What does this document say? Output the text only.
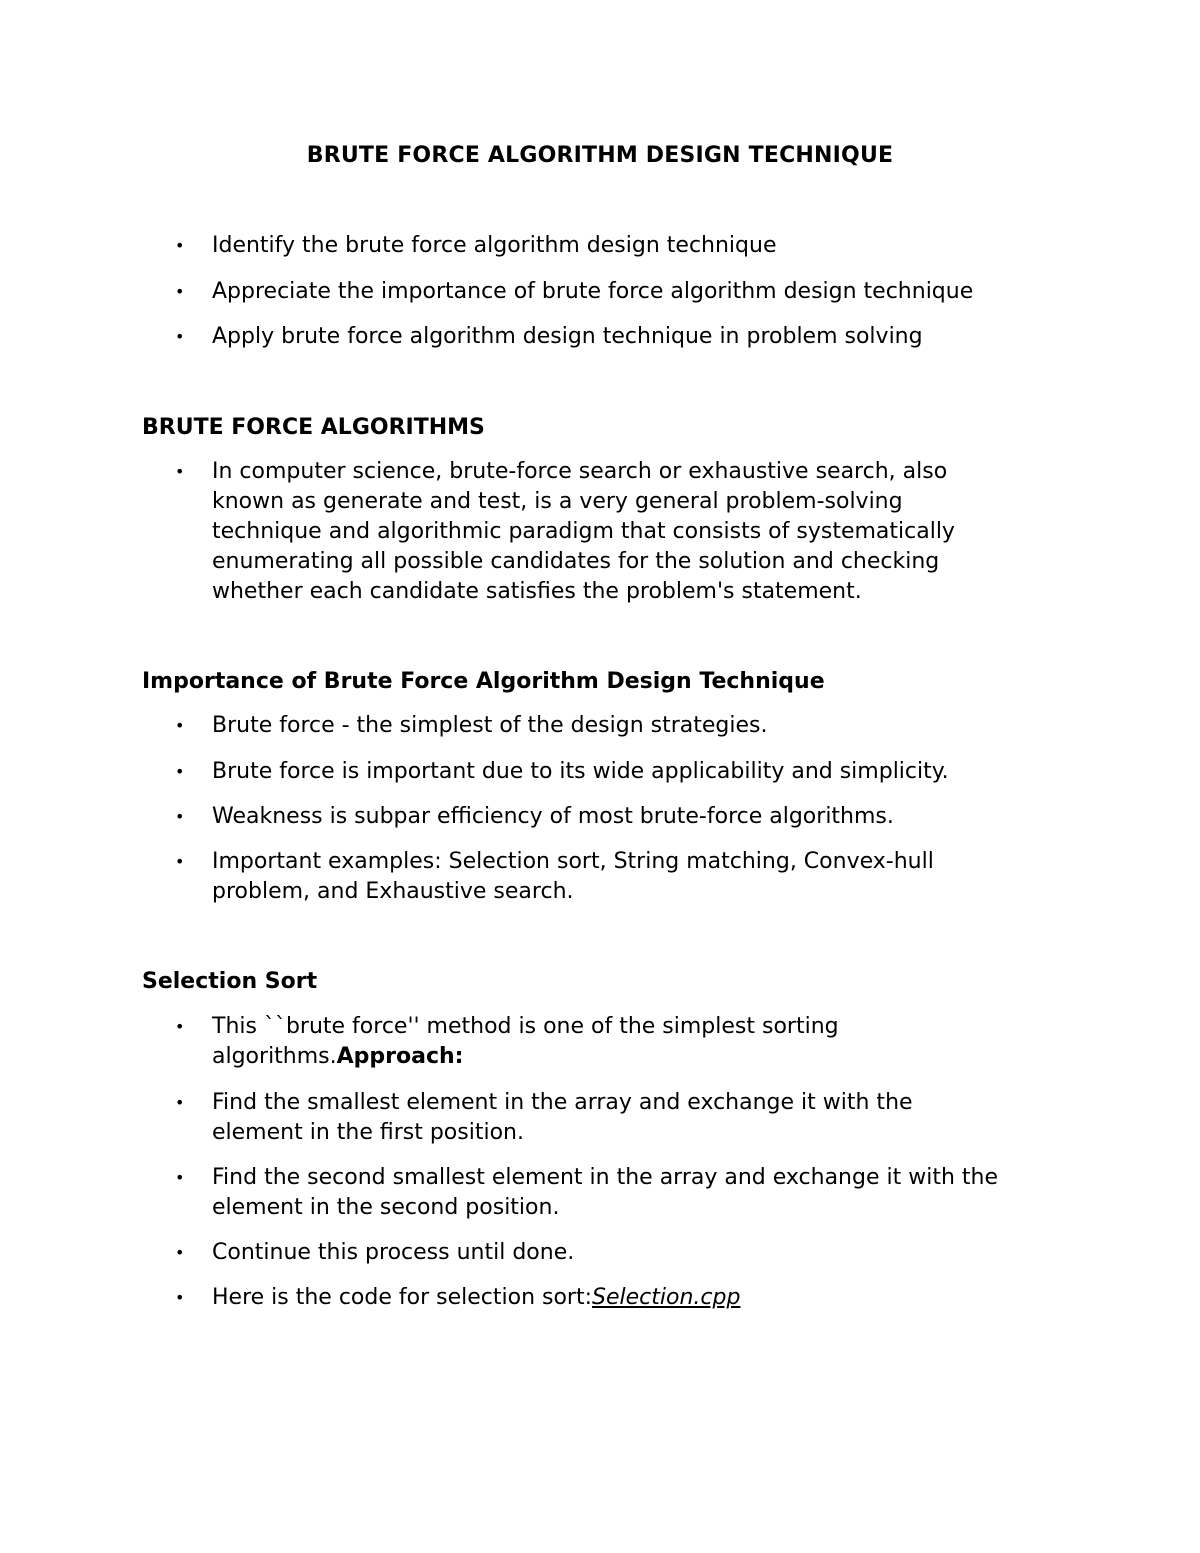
BRUTE FORCE ALGORITHM DESIGN TECHNIQUE
• Identify the brute force algorithm design technique
• Appreciate the importance of brute force algorithm design technique
• Apply brute force algorithm design technique in problem solving
BRUTE FORCE ALGORITHMS
• In computer science, brute-force search or exhaustive search, also known as generate and test, is a very general problem-solving technique and algorithmic paradigm that consists of systematically enumerating all possible candidates for the solution and checking whether each candidate satisfies the problem's statement.
Importance of Brute Force Algorithm Design Technique
• Brute force - the simplest of the design strategies.
• Brute force is important due to its wide applicability and simplicity.
• Weakness is subpar efficiency of most brute-force algorithms.
• Important examples: Selection sort, String matching, Convex-hull problem, and Exhaustive search.
Selection Sort
• This ``brute force'' method is one of the simplest sorting algorithms.Approach:
• Find the smallest element in the array and exchange it with the element in the first position.
• Find the second smallest element in the array and exchange it with the element in the second position.
• Continue this process until done.
• Here is the code for selection sort:Selection.cpp
